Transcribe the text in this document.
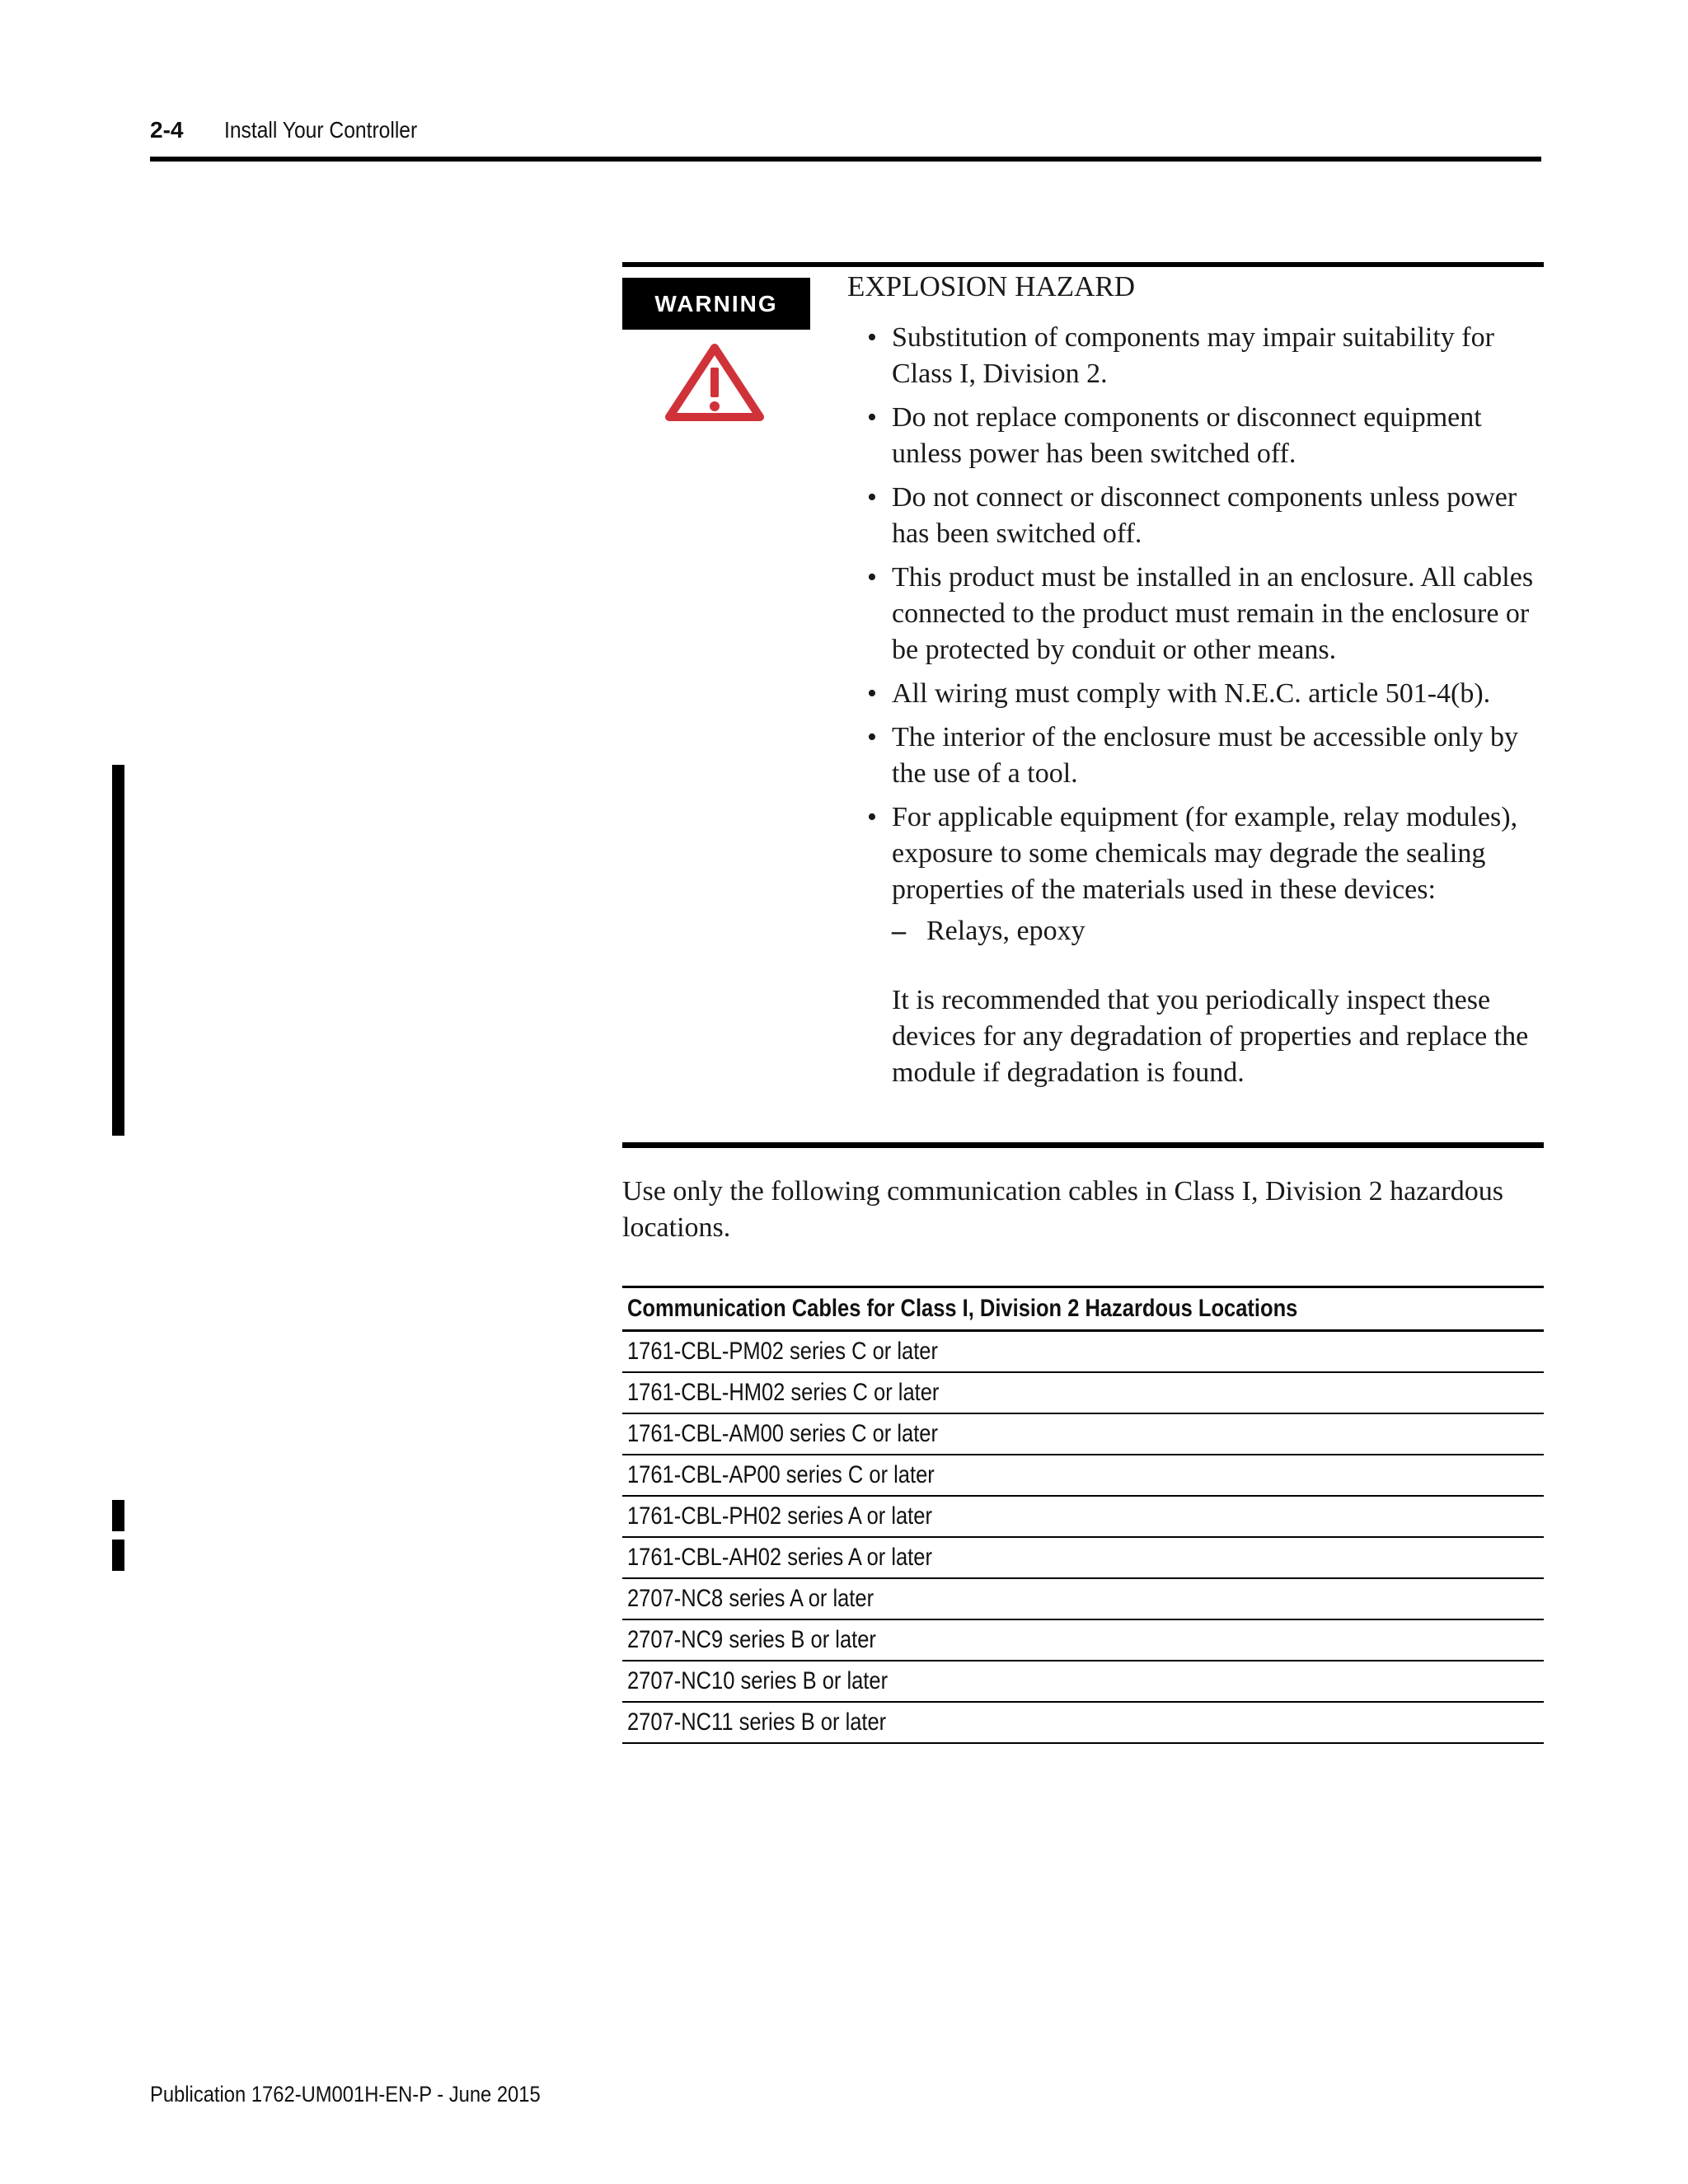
2-4 Install Your Controller
WARNING
EXPLOSION HAZARD
• Substitution of components may impair suitability for Class I, Division 2.
• Do not replace components or disconnect equipment unless power has been switched off.
• Do not connect or disconnect components unless power has been switched off.
• This product must be installed in an enclosure. All cables connected to the product must remain in the enclosure or be protected by conduit or other means.
• All wiring must comply with N.E.C. article 501-4(b).
• The interior of the enclosure must be accessible only by the use of a tool.
• For applicable equipment (for example, relay modules), exposure to some chemicals may degrade the sealing properties of the materials used in these devices:
– Relays, epoxy
It is recommended that you periodically inspect these devices for any degradation of properties and replace the module if degradation is found.
Use only the following communication cables in Class I, Division 2 hazardous locations.
Communication Cables for Class I, Division 2 Hazardous Locations
1761-CBL-PM02 series C or later
1761-CBL-HM02 series C or later
1761-CBL-AM00 series C or later
1761-CBL-AP00 series C or later
1761-CBL-PH02 series A or later
1761-CBL-AH02 series A or later
2707-NC8 series A or later
2707-NC9 series B or later
2707-NC10 series B or later
2707-NC11 series B or later
Publication 1762-UM001H-EN-P - June 2015
